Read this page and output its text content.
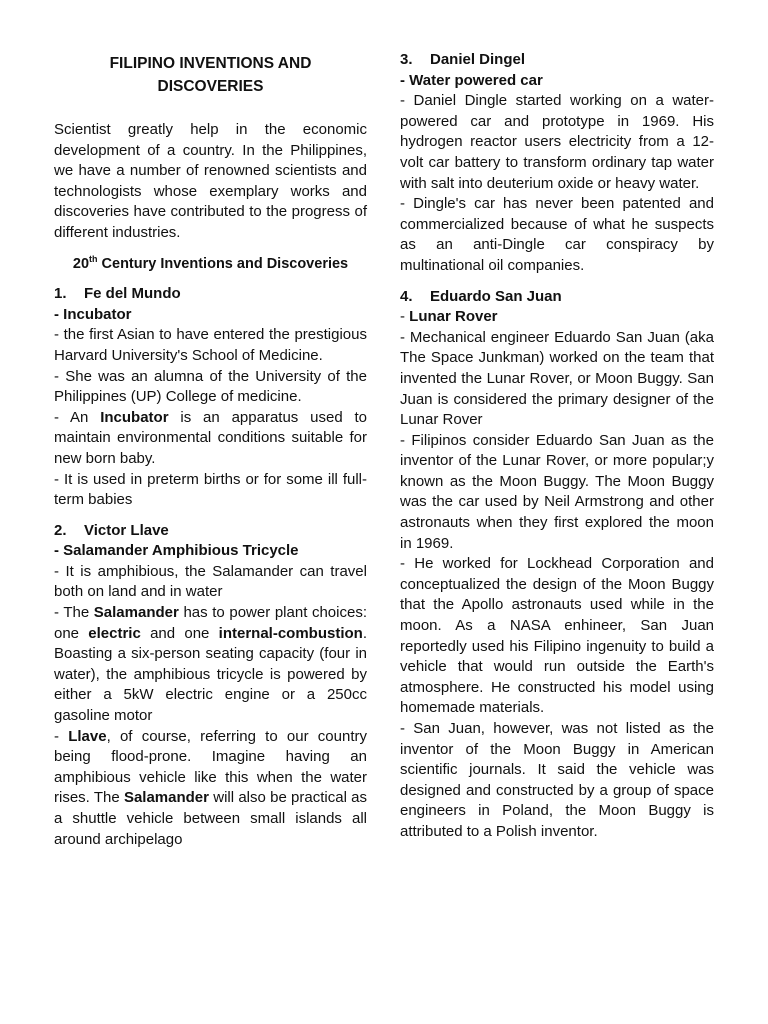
FILIPINO INVENTIONS AND
DISCOVERIES

Scientist greatly help in the economic development of a country. In the Philippines, we have a number of renowned scientists and technologists whose exemplary works and discoveries have contributed to the progress of different industries.

20th Century Inventions and Discoveries

1.	Fe del Mundo

- Incubator

- the first Asian to have entered the prestigious Harvard University's School of Medicine.

- She was an alumna of the University of the Philippines (UP) College of medicine.

- An Incubator is an apparatus used to maintain environmental conditions suitable for new born baby.

- It is used in preterm births or for some ill full-term babies

2.	Victor Llave

- Salamander Amphibious Tricycle

- It is amphibious, the Salamander can travel both on land and in water

- The Salamander has to power plant choices: one electric and one internal-combustion. Boasting a six-person seating capacity (four in water), the amphibious tricycle is powered by either a 5kW electric engine or a 250cc gasoline motor

- Llave, of course, referring to our country being flood-prone. Imagine having an amphibious vehicle like this when the water rises. The Salamander will also be practical as a shuttle vehicle between small islands all around archipelago

3.	Daniel Dingel

- Water powered car

- Daniel Dingle started working on a water-powered car and prototype in 1969. His hydrogen reactor users electricity from a 12-volt car battery to transform ordinary tap water with salt into deuterium oxide or heavy water.

- Dingle's car has never been patented and commercialized because of what he suspects as an anti-Dingle car conspiracy by multinational oil companies.

4.	Eduardo San Juan

- Lunar Rover

- Mechanical engineer Eduardo San Juan (aka The Space Junkman) worked on the team that invented the Lunar Rover, or Moon Buggy. San Juan is considered the primary designer of the Lunar Rover

- Filipinos consider Eduardo San Juan as the inventor of the Lunar Rover, or more popular;y known as the Moon Buggy. The Moon Buggy was the car used by Neil Armstrong and other astronauts when they first explored the moon in 1969.

- He worked for Lockhead Corporation and conceptualized the design of the Moon Buggy that the Apollo astronauts used while in the moon. As a NASA enhineer, San Juan reportedly used his Filipino ingenuity to build a vehicle that would run outside the Earth's atmosphere. He constructed his model using homemade materials.

- San Juan, however, was not listed as the inventor of the Moon Buggy in American scientific journals. It said the vehicle was designed and constructed by a group of space engineers in Poland, the Moon Buggy is attributed to a Polish inventor.
